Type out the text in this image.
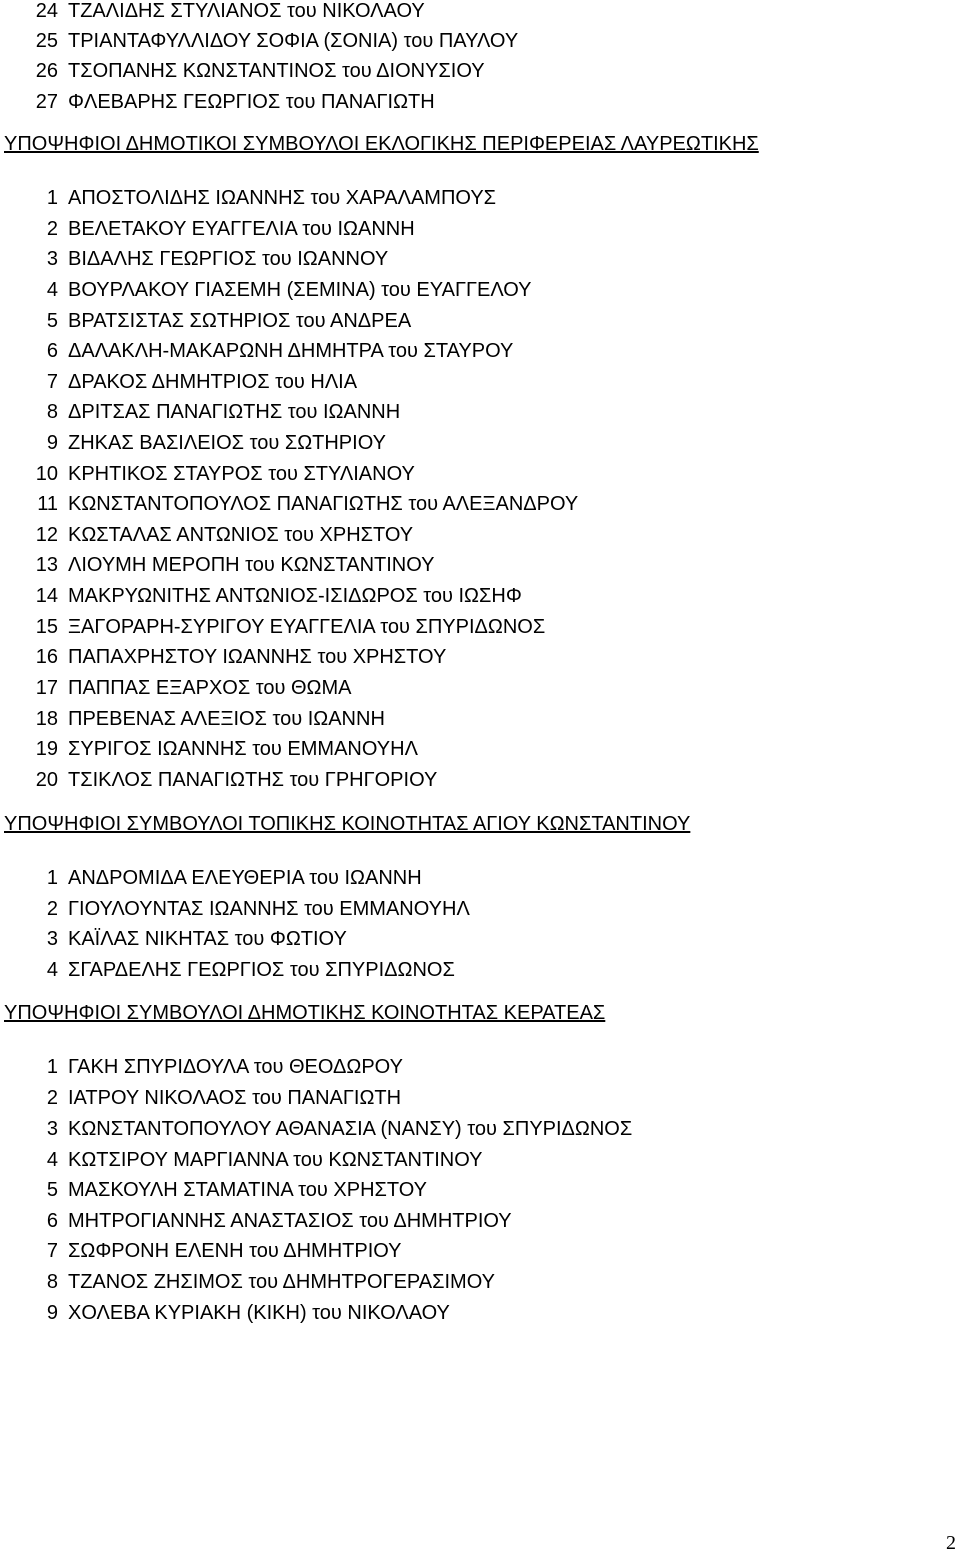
24 ΤΖΑΛΙΔΗΣ ΣΤΥΛΙΑΝΟΣ του ΝΙΚΟΛΑΟΥ
25 ΤΡΙΑΝΤΑΦΥΛΛΙΔΟΥ ΣΟΦΙΑ (ΣΟΝΙΑ) του ΠΑΥΛΟΥ
26 ΤΣΟΠΑΝΗΣ ΚΩΝΣΤΑΝΤΙΝΟΣ του ΔΙΟΝΥΣΙΟΥ
27 ΦΛΕΒΑΡΗΣ ΓΕΩΡΓΙΟΣ του ΠΑΝΑΓΙΩΤΗ
ΥΠΟΨΗΦΙΟΙ ΔΗΜΟΤΙΚΟΙ ΣΥΜΒΟΥΛΟΙ ΕΚΛΟΓΙΚΗΣ ΠΕΡΙΦΕΡΕΙΑΣ ΛΑΥΡΕΩΤΙΚΗΣ
1 ΑΠΟΣΤΟΛΙΔΗΣ ΙΩΑΝΝΗΣ του ΧΑΡΑΛΑΜΠΟΥΣ
2 ΒΕΛΕΤΑΚΟΥ ΕΥΑΓΓΕΛΙΑ του ΙΩΑΝΝΗ
3 ΒΙΔΑΛΗΣ ΓΕΩΡΓΙΟΣ του ΙΩΑΝΝΟΥ
4 ΒΟΥΡΛΑΚΟΥ ΓΙΑΣΕΜΗ (ΣΕΜΙΝΑ) του ΕΥΑΓΓΕΛΟΥ
5 ΒΡΑΤΣΙΣΤΑΣ ΣΩΤΗΡΙΟΣ του ΑΝΔΡΕΑ
6 ΔΑΛΑΚΛΗ-ΜΑΚΑΡΩΝΗ ΔΗΜΗΤΡΑ του ΣΤΑΥΡΟΥ
7 ΔΡΑΚΟΣ ΔΗΜΗΤΡΙΟΣ του ΗΛΙΑ
8 ΔΡΙΤΣΑΣ ΠΑΝΑΓΙΩΤΗΣ του ΙΩΑΝΝΗ
9 ΖΗΚΑΣ ΒΑΣΙΛΕΙΟΣ του ΣΩΤΗΡΙΟΥ
10 ΚΡΗΤΙΚΟΣ ΣΤΑΥΡΟΣ του ΣΤΥΛΙΑΝΟΥ
11 ΚΩΝΣΤΑΝΤΟΠΟΥΛΟΣ ΠΑΝΑΓΙΩΤΗΣ του ΑΛΕΞΑΝΔΡΟΥ
12 ΚΩΣΤΑΛΑΣ ΑΝΤΩΝΙΟΣ του ΧΡΗΣΤΟΥ
13 ΛΙΟΥΜΗ ΜΕΡΟΠΗ του ΚΩΝΣΤΑΝΤΙΝΟΥ
14 ΜΑΚΡΥΩΝΙΤΗΣ ΑΝΤΩΝΙΟΣ-ΙΣΙΔΩΡΟΣ του ΙΩΣΗΦ
15 ΞΑΓΟΡΑΡΗ-ΣΥΡΙΓΟΥ ΕΥΑΓΓΕΛΙΑ του ΣΠΥΡΙΔΩΝΟΣ
16 ΠΑΠΑΧΡΗΣΤΟΥ ΙΩΑΝΝΗΣ του ΧΡΗΣΤΟΥ
17 ΠΑΠΠΑΣ ΕΞΑΡΧΟΣ του ΘΩΜΑ
18 ΠΡΕΒΕΝΑΣ ΑΛΕΞΙΟΣ του ΙΩΑΝΝΗ
19 ΣΥΡΙΓΟΣ ΙΩΑΝΝΗΣ του ΕΜΜΑΝΟΥΗΛ
20 ΤΣΙΚΛΟΣ ΠΑΝΑΓΙΩΤΗΣ του ΓΡΗΓΟΡΙΟΥ
ΥΠΟΨΗΦΙΟΙ ΣΥΜΒΟΥΛΟΙ ΤΟΠΙΚΗΣ ΚΟΙΝΟΤΗΤΑΣ ΑΓΙΟΥ ΚΩΝΣΤΑΝΤΙΝΟΥ
1 ΑΝΔΡΟΜΙΔΑ ΕΛΕΥΘΕΡΙΑ του ΙΩΑΝΝΗ
2 ΓΙΟΥΛΟΥΝΤΑΣ ΙΩΑΝΝΗΣ του ΕΜΜΑΝΟΥΗΛ
3 ΚΑΪΛΑΣ ΝΙΚΗΤΑΣ του ΦΩΤΙΟΥ
4 ΣΓΑΡΔΕΛΗΣ ΓΕΩΡΓΙΟΣ του ΣΠΥΡΙΔΩΝΟΣ
ΥΠΟΨΗΦΙΟΙ ΣΥΜΒΟΥΛΟΙ ΔΗΜΟΤΙΚΗΣ ΚΟΙΝΟΤΗΤΑΣ ΚΕΡΑΤΕΑΣ
1 ΓΑΚΗ ΣΠΥΡΙΔΟΥΛΑ του ΘΕΟΔΩΡΟΥ
2 ΙΑΤΡΟΥ ΝΙΚΟΛΑΟΣ του ΠΑΝΑΓΙΩΤΗ
3 ΚΩΝΣΤΑΝΤΟΠΟΥΛΟΥ ΑΘΑΝΑΣΙΑ (ΝΑΝΣΥ) του ΣΠΥΡΙΔΩΝΟΣ
4 ΚΩΤΣΙΡΟΥ ΜΑΡΓΙΑΝΝΑ του ΚΩΝΣΤΑΝΤΙΝΟΥ
5 ΜΑΣΚΟΥΛΗ ΣΤΑΜΑΤΙΝΑ του ΧΡΗΣΤΟΥ
6 ΜΗΤΡΟΓΙΑΝΝΗΣ ΑΝΑΣΤΑΣΙΟΣ του ΔΗΜΗΤΡΙΟΥ
7 ΣΩΦΡΟΝΗ ΕΛΕΝΗ του ΔΗΜΗΤΡΙΟΥ
8 ΤΖΑΝΟΣ ΖΗΣΙΜΟΣ του ΔΗΜΗΤΡΟΓΕΡΑΣΙΜΟΥ
9 ΧΟΛΕΒΑ ΚΥΡΙΑΚΗ (ΚΙΚΗ) του ΝΙΚΟΛΑΟΥ
2
